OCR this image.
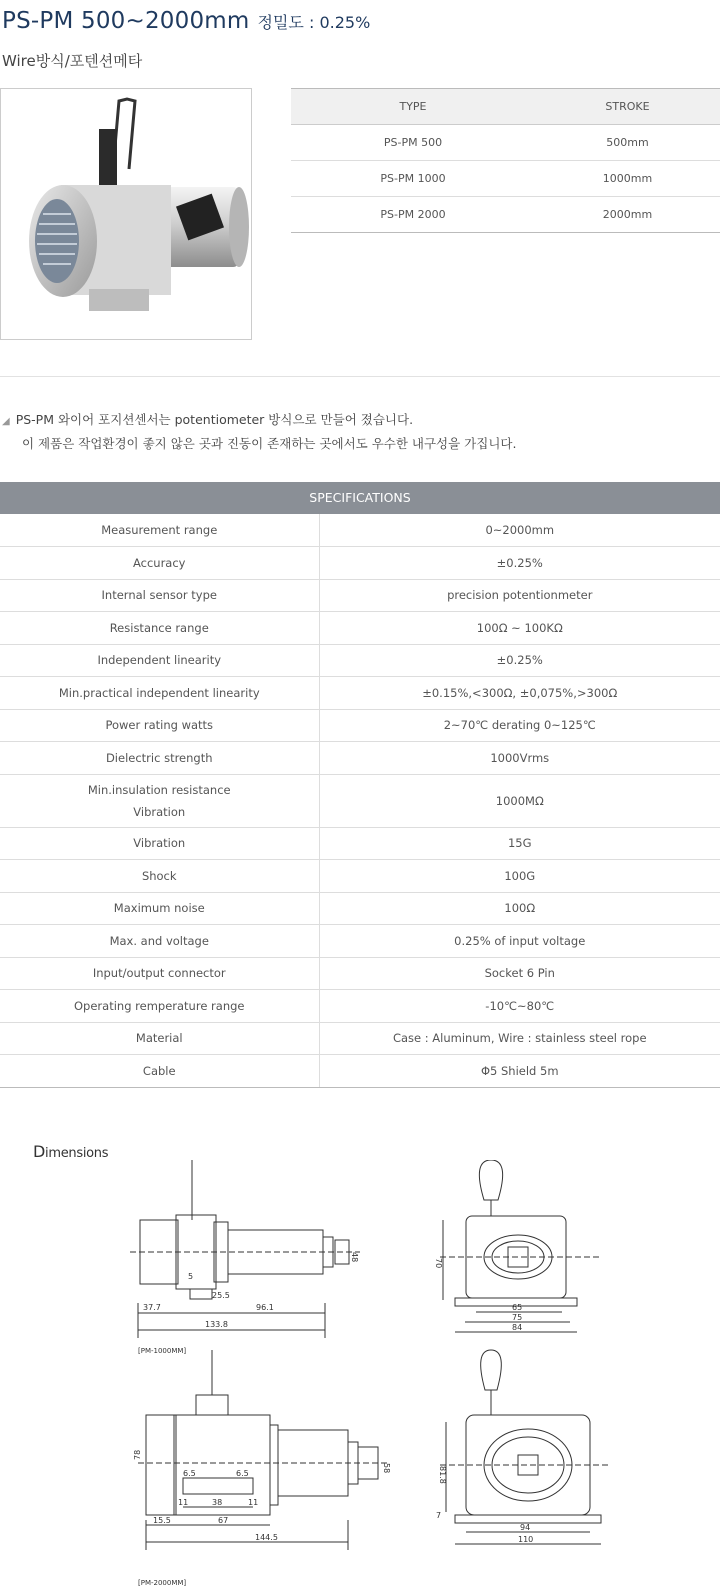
PS-PM 500~2000mm 정밀도 : 0.25%
Wire방식/포텐션메타
TYPE	STROKE
PS-PM 500	500mm
PS-PM 1000	1000mm
PS-PM 2000	2000mm
◢ PS-PM 와이어 포지션센서는 potentiometer 방식으로 만들어 졌습니다.
이 제품은 작업환경이 좋지 않은 곳과 진동이 존재하는 곳에서도 우수한 내구성을 가집니다.
SPECIFICATIONS
Measurement range	0~2000mm
Accuracy	±0.25%
Internal sensor type	precision potentionmeter
Resistance range	100Ω ~ 100KΩ
Independent linearity	±0.25%
Min.practical independent linearity	±0.15%,<300Ω, ±0,075%,>300Ω
Power rating watts	2~70℃ derating 0~125℃
Dielectric strength	1000Vrms

Min.insulation resistance
Vibration	1000MΩ
Vibration	15G
Shock	100G
Maximum noise	100Ω
Max. and voltage	0.25% of input voltage
Input/output connector	Socket 6 Pin
Operating remperature range	-10℃~80℃
Material	Case : Aluminum, Wire : stainless steel rope
Cable	Φ5 Shield 5m
Dimensions
37.7
25.5
96.1
133.8
5
48
[PM-1000MM]
70
65
75
84
6.5	6.5
11	38	11
15.5	67
144.5
78
58
[PM-2000MM]
81.8
7
94
110
